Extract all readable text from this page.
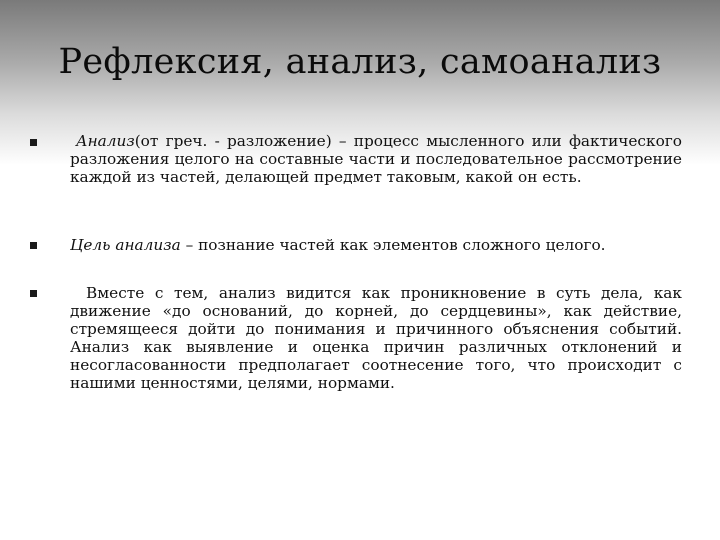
Рефлексия, анализ, самоанализ

Анализ(от греч. - разложение) – процесс мысленного или фактического разложения целого на составные части и последовательное рассмотрение каждой из частей, делающей предмет таковым, какой он есть.

Цель анализа – познание частей как элементов сложного целого.

Вместе с тем, анализ видится как проникновение в суть дела, как движение «до оснований, до корней, до сердцевины», как действие, стремящееся дойти до понимания и причинного объяснения событий. Анализ как выявление и оценка причин различных отклонений и несогласованности предполагает соотнесение того, что происходит с нашими ценностями, целями, нормами.
